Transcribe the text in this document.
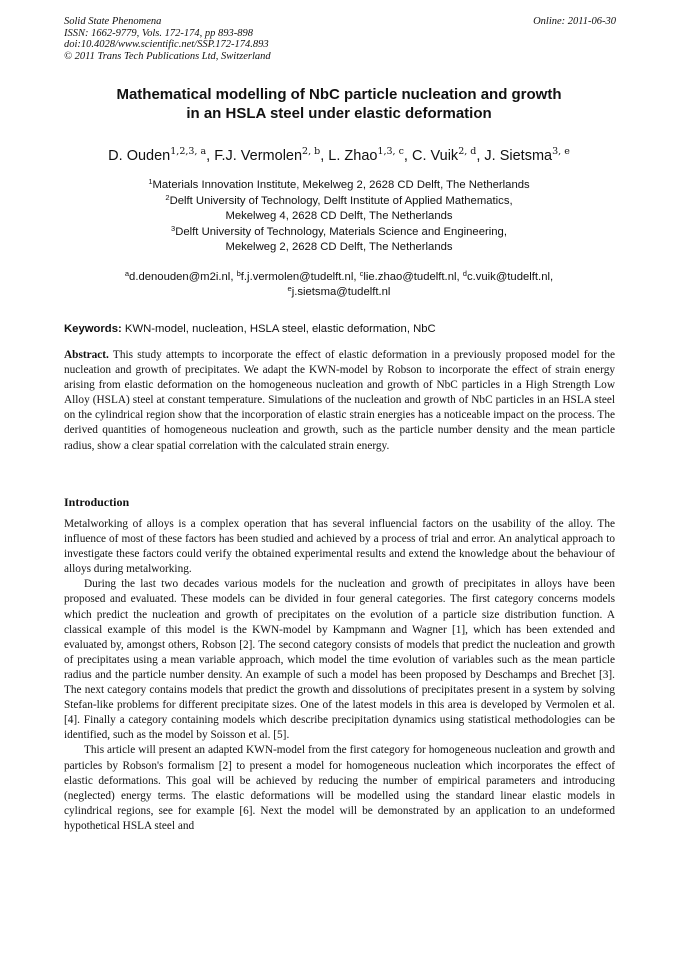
Solid State Phenomena
ISSN: 1662-9779, Vols. 172-174, pp 893-898
doi:10.4028/www.scientific.net/SSP.172-174.893
© 2011 Trans Tech Publications Ltd, Switzerland
Online: 2011-06-30
Mathematical modelling of NbC particle nucleation and growth
in an HSLA steel under elastic deformation
D. Ouden$^{1,2,3, a}$, F.J. Vermolen$^{2, b}$, L. Zhao$^{1,3, c}$, C. Vuik$^{2, d}$, J. Sietsma$^{3, e}$
$^1$Materials Innovation Institute, Mekelweg 2, 2628 CD Delft, The Netherlands
$^2$Delft University of Technology, Delft Institute of Applied Mathematics,
Mekelweg 4, 2628 CD Delft, The Netherlands
$^3$Delft University of Technology, Materials Science and Engineering,
Mekelweg 2, 2628 CD Delft, The Netherlands
$^a$d.denouden@m2i.nl, $^b$f.j.vermolen@tudelft.nl, $^c$lie.zhao@tudelft.nl, $^d$c.vuik@tudelft.nl,
$^e$j.sietsma@tudelft.nl
Keywords: KWN-model, nucleation, HSLA steel, elastic deformation, NbC
Abstract. This study attempts to incorporate the effect of elastic deformation in a previously proposed model for the nucleation and growth of precipitates. We adapt the KWN-model by Robson to incorporate the effect of strain energy arising from elastic deformation on the homogeneous nucleation and growth of NbC particles in a High Strength Low Alloy (HSLA) steel at constant temperature. Simulations of the nucleation and growth of NbC particles in an HSLA steel on the cylindrical region show that the incorporation of elastic strain energies has a noticeable impact on the process. The derived quantities of homogeneous nucleation and growth, such as the particle number density and the mean particle radius, show a clear spatial correlation with the calculated strain energy.
Introduction

Metalworking of alloys is a complex operation that has several influencial factors on the usability of the alloy. The influence of most of these factors has been studied and achieved by a process of trial and error. An analytical approach to investigate these factors could verify the obtained experimental results and extend the knowledge about the behaviour of alloys during metalworking.

During the last two decades various models for the nucleation and growth of precipitates in alloys have been proposed and evaluated. These models can be divided in four general categories. The first category concerns models which predict the nucleation and growth of precipitates on the evolution of a particle size distribution function. A classical example of this model is the KWN-model by Kampmann and Wagner [1], which has been extended and evaluated by, amongst others, Robson [2]. The second category consists of models that predict the nucleation and growth of precipitates using a mean variable approach, which model the time evolution of variables such as the mean particle radius and the particle number density. An example of such a model has been proposed by Deschamps and Brechet [3]. The next category contains models that predict the growth and dissolutions of precipitates present in a system by solving Stefan-like problems for different precipitate sizes. One of the latest models in this area is developed by Vermolen et al. [4]. Finally a category containing models which describe precipitation dynamics using statistical methodologies can be identified, such as the model by Soisson et al. [5].

This article will present an adapted KWN-model from the first category for homogeneous nucleation and growth and particles by Robson's formalism [2] to present a model for homogeneous nucleation which incorporates the effect of elastic deformations. This goal will be achieved by reducing the number of empirical parameters and introducing (neglected) energy terms. The elastic deformations will be modelled using the standard linear elastic models in cylindrical regions, see for example [6]. Next the model will be demonstrated by an application to an undeformed hypothetical HSLA steel and
